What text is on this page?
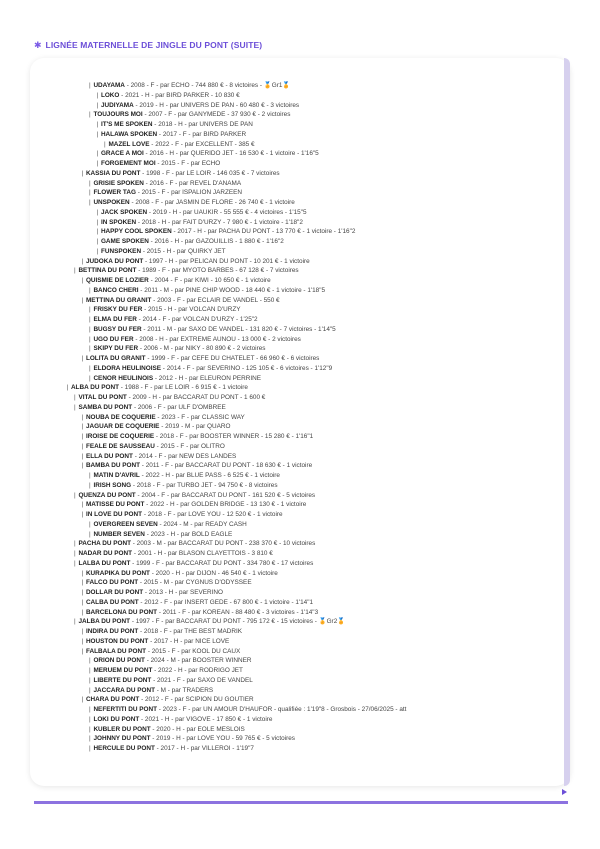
✱ LIGNÉE MATERNELLE DE JINGLE DU PONT (SUITE)
| UDAYAMA - 2008 - F - par ECHO - 744 880 € - 8 victoires - 🏅Gr1🏅
| LOKO - 2021 - H - par BIRD PARKER - 10 830 €
| JUDIYAMA - 2019 - H - par UNIVERS DE PAN - 60 480 € - 3 victoires
| TOUJOURS MOI - 2007 - F - par GANYMEDE - 37 930 € - 2 victoires
| IT'S ME SPOKEN - 2018 - H - par UNIVERS DE PAN
| HALAWA SPOKEN - 2017 - F - par BIRD PARKER
| MAZEL LOVE - 2022 - F - par EXCELLENT - 385 €
| GRACE A MOI - 2016 - H - par QUERIDO JET - 16 530 € - 1 victoire - 1'16"5
| FORGEMENT MOI - 2015 - F - par ECHO
| KASSIA DU PONT - 1998 - F - par LE LOIR - 146 035 € - 7 victoires
| GRISIE SPOKEN - 2016 - F - par REVEL D'ANAMA
| FLOWER TAG - 2015 - F - par ISPALION JARZEEN
| UNSPOKEN - 2008 - F - par JASMIN DE FLORE - 26 740 € - 1 victoire
| JACK SPOKEN - 2019 - H - par UAUKIR - 55 555 € - 4 victoires - 1'15"5
| IN SPOKEN - 2018 - H - par FAIT D'URZY - 7 980 € - 1 victoire - 1'18"2
| HAPPY COOL SPOKEN - 2017 - H - par PACHA DU PONT - 13 770 € - 1 victoire - 1'16"2
| GAME SPOKEN - 2016 - H - par GAZOUILLIS - 1 880 € - 1'16"2
| FUNSPOKEN - 2015 - H - par QUIRKY JET
| JUDOKA DU PONT - 1997 - H - par PELICAN DU PONT - 10 201 € - 1 victoire
| BETTINA DU PONT - 1989 - F - par MYOTO BARBES - 67 128 € - 7 victoires
| QUISMIE DE LOZIER - 2004 - F - par KIWI - 10 650 € - 1 victoire
| BANCO CHERI - 2011 - M - par PINE CHIP WOOD - 18 440 € - 1 victoire - 1'18"5
| METTINA DU GRANIT - 2003 - F - par ECLAIR DE VANDEL - 550 €
| FRISKY DU FER - 2015 - H - par VOLCAN D'URZY
| ELMA DU FER - 2014 - F - par VOLCAN D'URZY - 1'25"2
| BUGSY DU FER - 2011 - M - par SAXO DE VANDEL - 131 820 € - 7 victoires - 1'14"5
| UGO DU FER - 2008 - H - par EXTREME AUNOU - 13 000 € - 2 victoires
| SKIPY DU FER - 2006 - M - par NIKY - 80 890 € - 2 victoires
| LOLITA DU GRANIT - 1999 - F - par CEFE DU CHATELET - 66 960 € - 6 victoires
| ELDORA HEULINOISE - 2014 - F - par SEVERINO - 125 105 € - 6 victoires - 1'12"9
| CENOR HEULINOIS - 2012 - H - par ELEURON PERRINE
| ALBA DU PONT - 1988 - F - par LE LOIR - 6 915 € - 1 victoire
| VITAL DU PONT - 2009 - H - par BACCARAT DU PONT - 1 600 €
| SAMBA DU PONT - 2006 - F - par ULF D'OMBREE
| NOUBA DE COQUERIE - 2023 - F - par CLASSIC WAY
| JAGUAR DE COQUERIE - 2019 - M - par QUARO
| IROISE DE COQUERIE - 2018 - F - par BOOSTER WINNER - 15 280 € - 1'16"1
| FEALE DE SAUSSEAU - 2015 - F - par OLITRO
| ELLA DU PONT - 2014 - F - par NEW DES LANDES
| BAMBA DU PONT - 2011 - F - par BACCARAT DU PONT - 18 630 € - 1 victoire
| MATIN D'AVRIL - 2022 - H - par BLUE PASS - 6 525 € - 1 victoire
| IRISH SONG - 2018 - F - par TURBO JET - 94 750 € - 8 victoires
| QUENZA DU PONT - 2004 - F - par BACCARAT DU PONT - 161 520 € - 5 victoires
| MATISSE DU PONT - 2022 - H - par GOLDEN BRIDGE - 13 130 € - 1 victoire
| IN LOVE DU PONT - 2018 - F - par LOVE YOU - 12 520 € - 1 victoire
| OVERGREEN SEVEN - 2024 - M - par READY CASH
| NUMBER SEVEN - 2023 - H - par BOLD EAGLE
| PACHA DU PONT - 2003 - M - par BACCARAT DU PONT - 238 370 € - 10 victoires
| NADAR DU PONT - 2001 - H - par BLASON CLAYETTOIS - 3 810 €
| LALBA DU PONT - 1999 - F - par BACCARAT DU PONT - 334 780 € - 17 victoires
| KURAPIKA DU PONT - 2020 - H - par DIJON - 46 540 € - 1 victoire
| FALCO DU PONT - 2015 - M - par CYGNUS D'ODYSSEE
| DOLLAR DU PONT - 2013 - H - par SEVERINO
| CALBA DU PONT - 2012 - F - par INSERT GEDE - 67 800 € - 1 victoire - 1'14"1
| BARCELONA DU PONT - 2011 - F - par KOREAN - 88 480 € - 3 victoires - 1'14"3
| JALBA DU PONT - 1997 - F - par BACCARAT DU PONT - 795 172 € - 15 victoires - 🏅Gr2🏅
| INDIRA DU PONT - 2018 - F - par THE BEST MADRIK
| HOUSTON DU PONT - 2017 - H - par NICE LOVE
| FALBALA DU PONT - 2015 - F - par KOOL DU CAUX
| ORION DU PONT - 2024 - M - par BOOSTER WINNER
| MERUEM DU PONT - 2022 - H - par RODRIGO JET
| LIBERTE DU PONT - 2021 - F - par SAXO DE VANDEL
| JACCARA DU PONT - M - par TRADERS
| CHARA DU PONT - 2012 - F - par SCIPION DU GOUTIER
| NEFERTITI DU PONT - 2023 - F - par UN AMOUR D'HAUFOR - qualifiée : 1'19"8 - Grosbois - 27/06/2025 - att
| LOKI DU PONT - 2021 - H - par VIGOVE - 17 850 € - 1 victoire
| KUBLER DU PONT - 2020 - H - par EOLE MESLOIS
| JOHNNY DU PONT - 2019 - H - par LOVE YOU - 59 765 € - 5 victoires
| HERCULE DU PONT - 2017 - H - par VILLEROI - 1'19"7
